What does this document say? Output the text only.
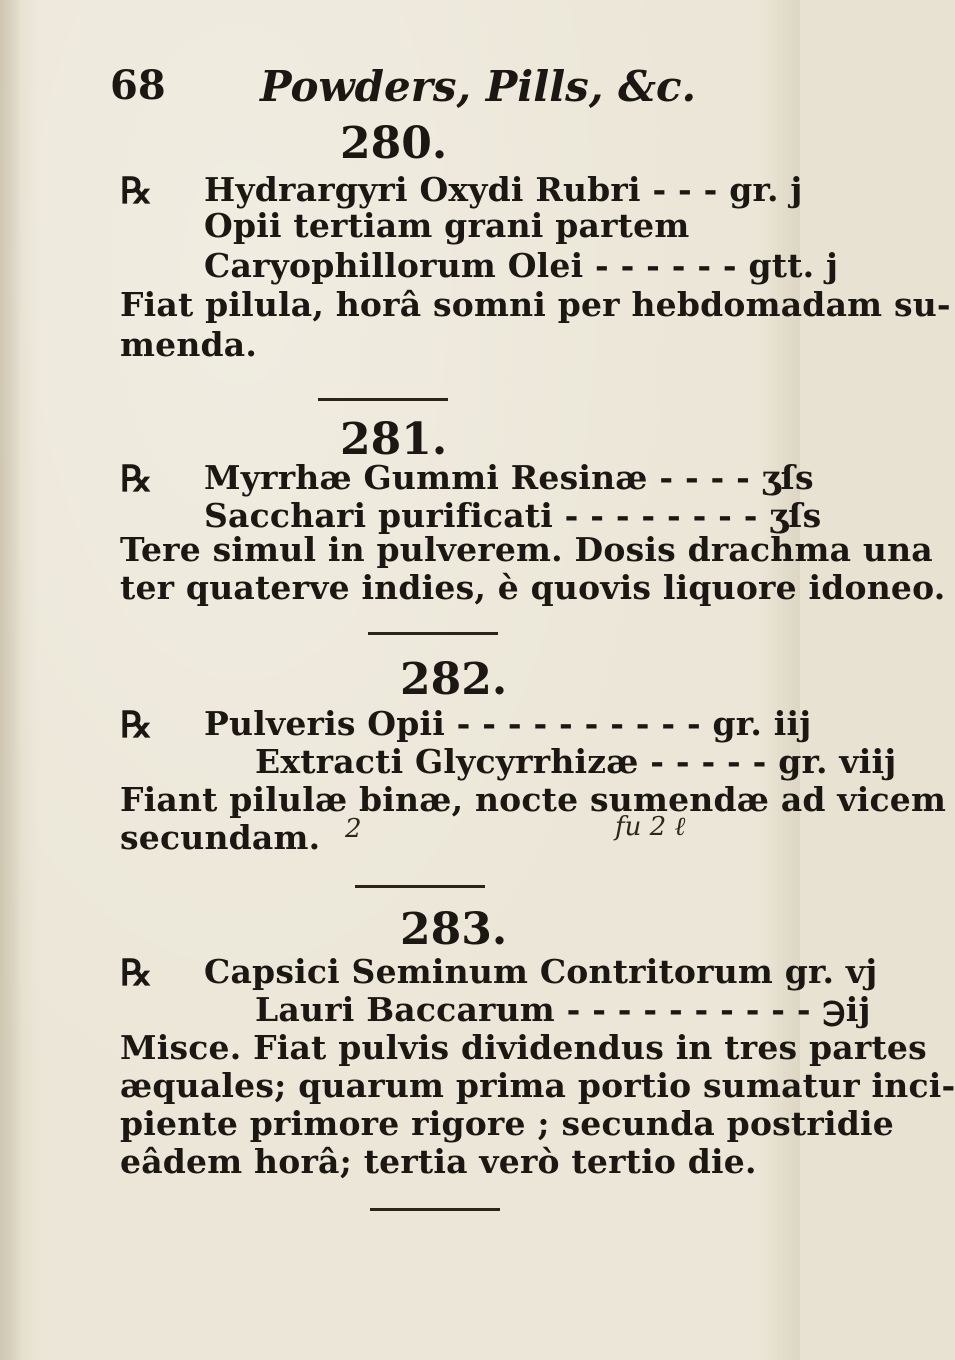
68 Powders, Pills, &c.
280.
℞ Hydrargyri Oxydi Rubri - - - gr. j
Opii tertiam grani partem
Caryophillorum Olei - - - - - - gtt. j
Fiat pilula, horâ somni per hebdomadam su-
menda.
281.
℞ Myrrhæ Gummi Resinæ - - - - ʒſs
Sacchari purificati - - - - - - - - ʒſs
Tere simul in pulverem. Dosis drachma una
ter quaterve indies, è quovis liquore idoneo.
282.
℞ Pulveris Opii - - - - - - - - - - gr. iij
Extracti Glycyrrhizæ - - - - - gr. viij
Fiant pilulæ binæ, nocte sumendæ ad vicem
secundam. 2	fu 2 ℓ
283.
℞ Capsici Seminum Contritorum gr. vj
Lauri Baccarum - - - - - - - - - - ℈ij
Misce. Fiat pulvis dividendus in tres partes
æquales; quarum prima portio sumatur inci-
piente primore rigore ; secunda postridie
eâdem horâ; tertia verò tertio die.
